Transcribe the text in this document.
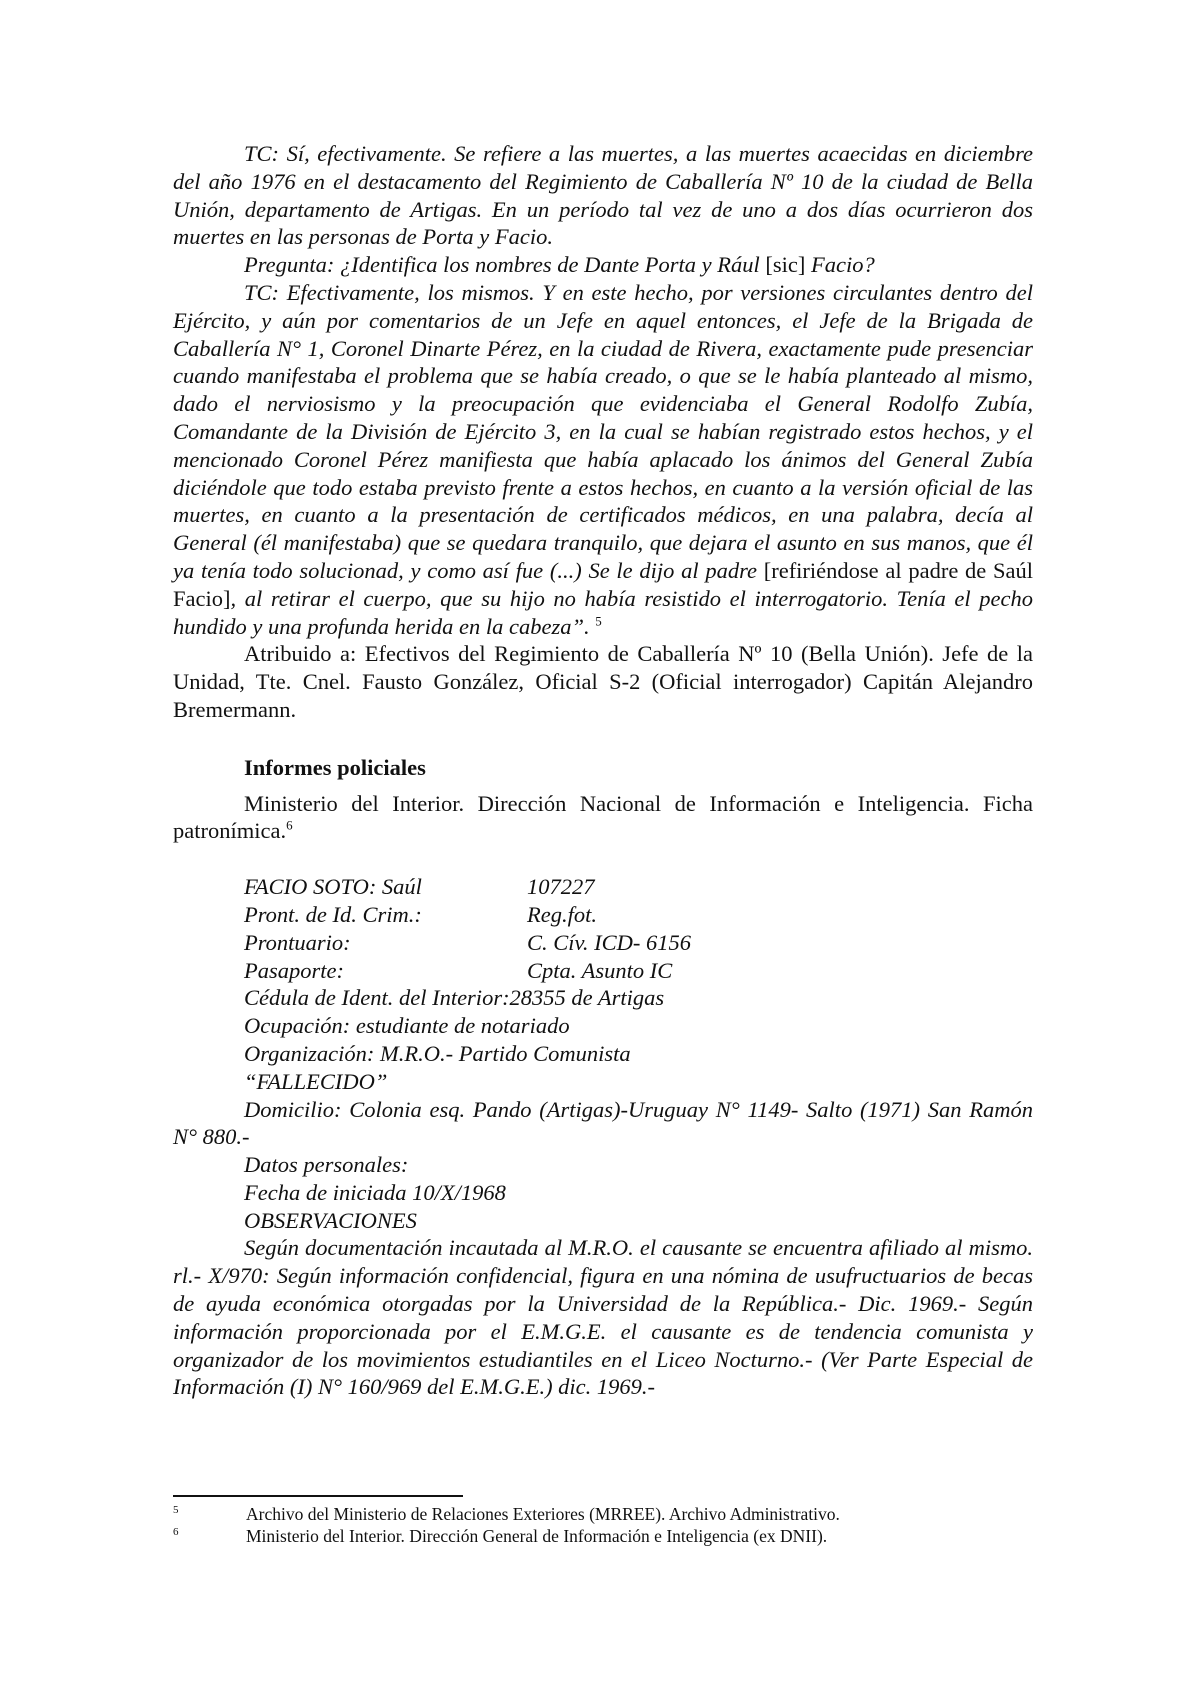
TC: Sí, efectivamente. Se refiere a las muertes, a las muertes acaecidas en diciembre del año 1976 en el destacamento del Regimiento de Caballería Nº 10 de la ciudad de Bella Unión, departamento de Artigas. En un período tal vez de uno a dos días ocurrieron dos muertes en las personas de Porta y Facio.

Pregunta: ¿Identifica los nombres de Dante Porta y Rául [sic] Facio?

TC: Efectivamente, los mismos. Y en este hecho, por versiones circulantes dentro del Ejército, y aún por comentarios de un Jefe en aquel entonces, el Jefe de la Brigada de Caballería N° 1, Coronel Dinarte Pérez, en la ciudad de Rivera, exactamente pude presenciar cuando manifestaba el problema que se había creado, o que se le había planteado al mismo, dado el nerviosismo y la preocupación que evidenciaba el General Rodolfo Zubía, Comandante de la División de Ejército 3, en la cual se habían registrado estos hechos, y el mencionado Coronel Pérez manifiesta que había aplacado los ánimos del General Zubía diciéndole que todo estaba previsto frente a estos hechos, en cuanto a la versión oficial de las muertes, en cuanto a la presentación de certificados médicos, en una palabra, decía al General (él manifestaba) que se quedara tranquilo, que dejara el asunto en sus manos, que él ya tenía todo solucionad, y como así fue (...) Se le dijo al padre [refiriéndose al padre de Saúl Facio], al retirar el cuerpo, que su hijo no había resistido el interrogatorio. Tenía el pecho hundido y una profunda herida en la cabeza”. $^5$

Atribuido a: Efectivos del Regimiento de Caballería Nº 10 (Bella Unión). Jefe de la Unidad, Tte. Cnel. Fausto González, Oficial S-2 (Oficial interrogador) Capitán Alejandro Bremermann.

Informes policiales

Ministerio del Interior. Dirección Nacional de Información e Inteligencia. Ficha patronímica.$^6$

FACIO SOTO: Saúl	107227
Pront. de Id. Crim.:	Reg.fot.
Prontuario:	C. Cív. ICD- 6156
Pasaporte:	Cpta. Asunto IC
Cédula de Ident. del Interior:28355 de Artigas
Ocupación: estudiante de notariado
Organización: M.R.O.- Partido Comunista
“FALLECIDO”

Domicilio: Colonia esq. Pando (Artigas)-Uruguay N° 1149- Salto (1971) San Ramón N° 880.-

Datos personales:
Fecha de iniciada 10/X/1968
OBSERVACIONES

Según documentación incautada al M.R.O. el causante se encuentra afiliado al mismo. rl.- X/970: Según información confidencial, figura en una nómina de usufructuarios de becas de ayuda económica otorgadas por la Universidad de la República.- Dic. 1969.- Según información proporcionada por el E.M.G.E. el causante es de tendencia comunista y organizador de los movimientos estudiantiles en el Liceo Nocturno.- (Ver Parte Especial de Información (I) N° 160/969 del E.M.G.E.) dic. 1969.-

5	Archivo del Ministerio de Relaciones Exteriores (MRREE). Archivo Administrativo.
6	Ministerio del Interior. Dirección General de Información e Inteligencia (ex DNII).
